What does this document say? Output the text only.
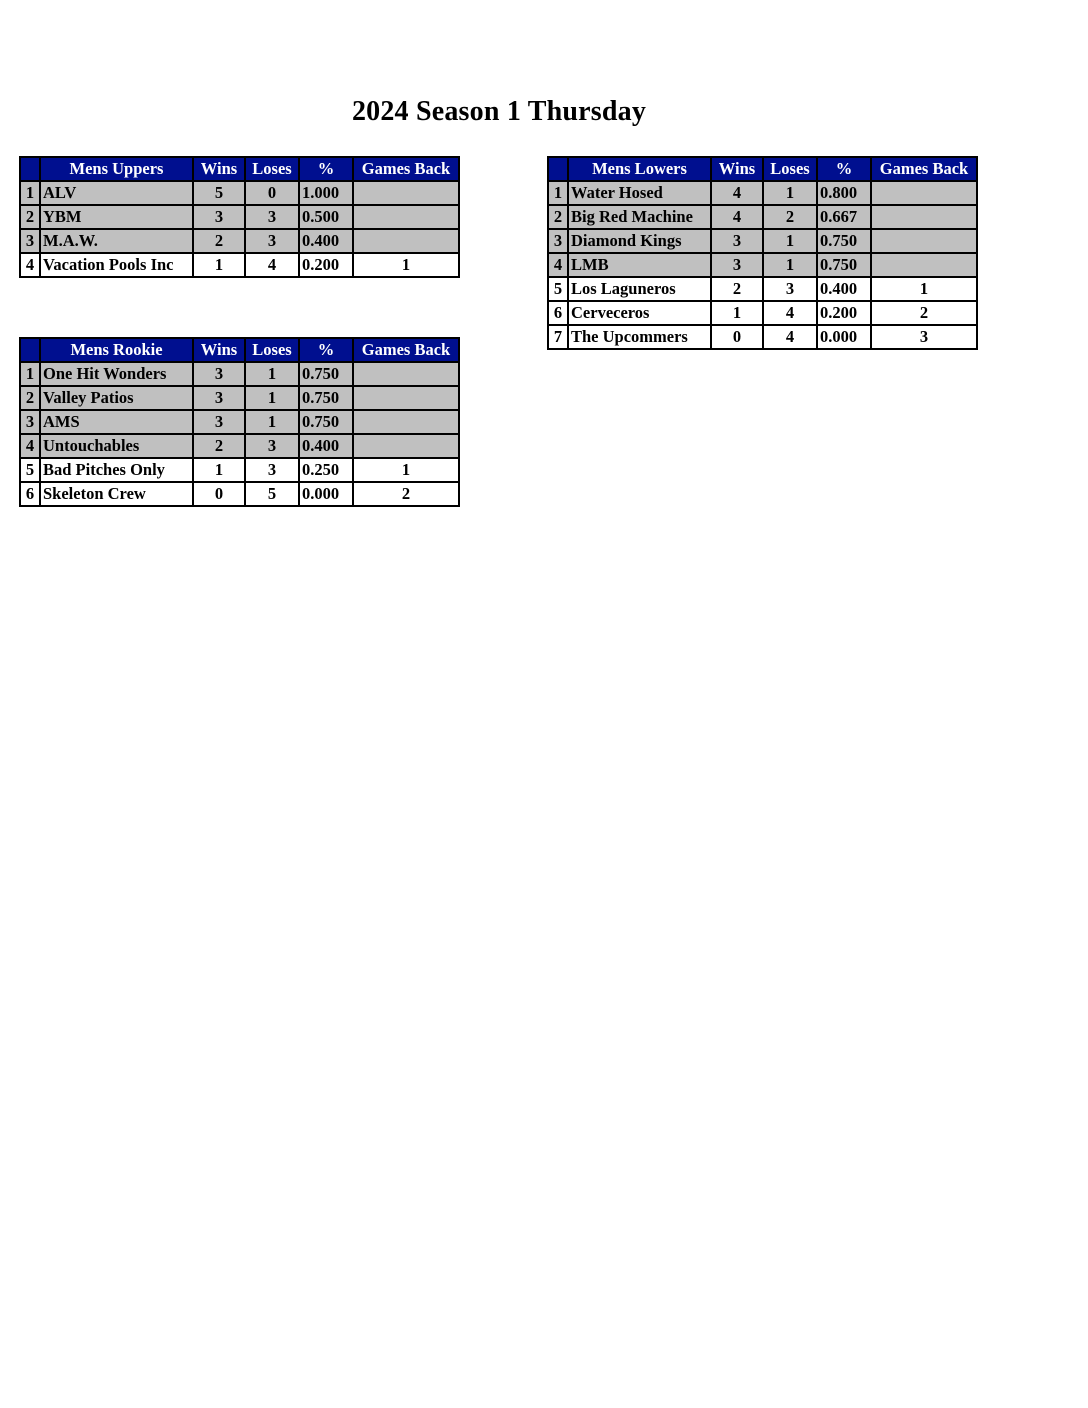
2024 Season 1 Thursday
	Mens Uppers	Wins	Loses	%	Games Back
1	ALV	5	0	1.000	
2	YBM	3	3	0.500	
3	M.A.W.	2	3	0.400	
4	Vacation Pools Inc	1	4	0.200	1
	Mens Rookie	Wins	Loses	%	Games Back
1	One Hit Wonders	3	1	0.750	
2	Valley Patios	3	1	0.750	
3	AMS	3	1	0.750	
4	Untouchables	2	3	0.400	
5	Bad Pitches Only	1	3	0.250	1
6	Skeleton Crew	0	5	0.000	2
	Mens Lowers	Wins	Loses	%	Games Back
1	Water Hosed	4	1	0.800	
2	Big Red Machine	4	2	0.667	
3	Diamond Kings	3	1	0.750	
4	LMB	3	1	0.750	
5	Los Laguneros	2	3	0.400	1
6	Cerveceros	1	4	0.200	2
7	The Upcommers	0	4	0.000	3
